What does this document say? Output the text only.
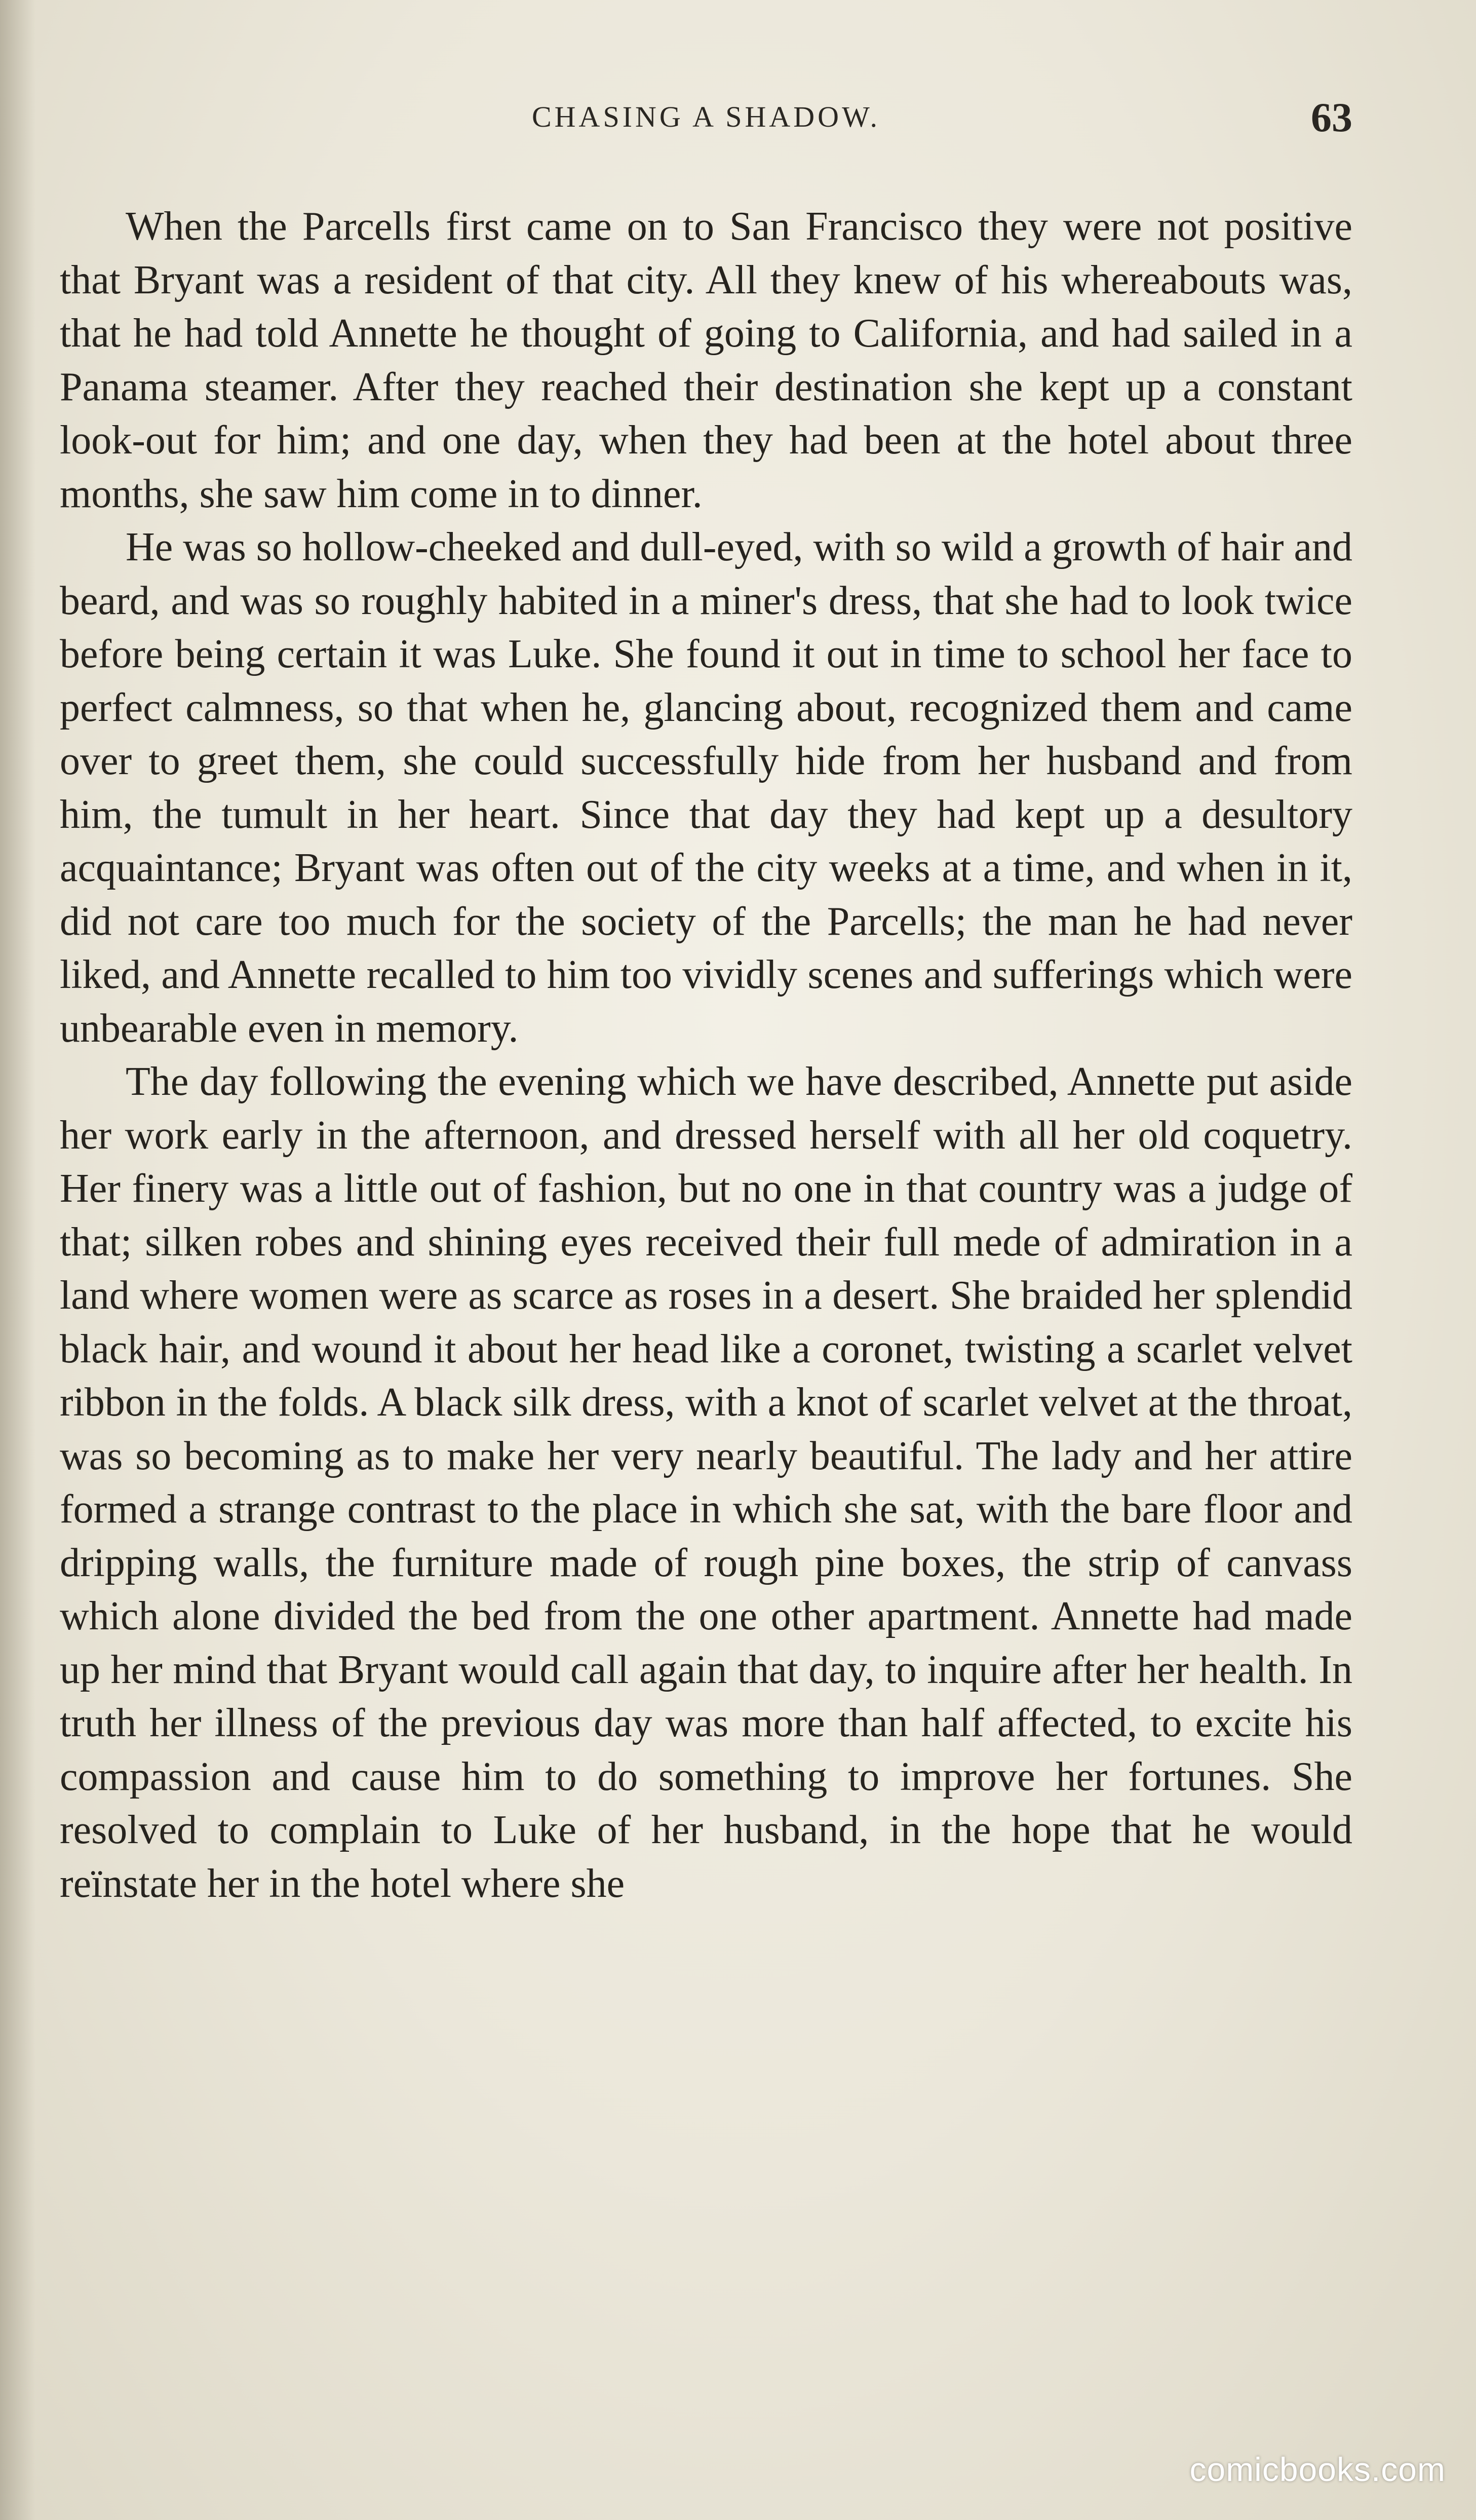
CHASING A SHADOW.	63

When the Parcells first came on to San Francisco they were not positive that Bryant was a resident of that city. All they knew of his whereabouts was, that he had told Annette he thought of going to California, and had sailed in a Panama steamer. After they reached their destination she kept up a constant look-out for him; and one day, when they had been at the hotel about three months, she saw him come in to dinner.

He was so hollow-cheeked and dull-eyed, with so wild a growth of hair and beard, and was so roughly habited in a miner's dress, that she had to look twice before being certain it was Luke. She found it out in time to school her face to perfect calmness, so that when he, glancing about, recognized them and came over to greet them, she could successfully hide from her husband and from him, the tumult in her heart. Since that day they had kept up a desultory acquaintance; Bryant was often out of the city weeks at a time, and when in it, did not care too much for the society of the Parcells; the man he had never liked, and Annette recalled to him too vividly scenes and sufferings which were unbearable even in memory.

The day following the evening which we have described, Annette put aside her work early in the afternoon, and dressed herself with all her old coquetry. Her finery was a little out of fashion, but no one in that country was a judge of that; silken robes and shining eyes received their full mede of admiration in a land where women were as scarce as roses in a desert. She braided her splendid black hair, and wound it about her head like a coronet, twisting a scarlet velvet ribbon in the folds. A black silk dress, with a knot of scarlet velvet at the throat, was so becoming as to make her very nearly beautiful. The lady and her attire formed a strange contrast to the place in which she sat, with the bare floor and dripping walls, the furniture made of rough pine boxes, the strip of canvass which alone divided the bed from the one other apartment. Annette had made up her mind that Bryant would call again that day, to inquire after her health. In truth her illness of the previous day was more than half affected, to excite his compassion and cause him to do something to improve her fortunes. She resolved to complain to Luke of her husband, in the hope that he would reïnstate her in the hotel where she

comicbooks.com
